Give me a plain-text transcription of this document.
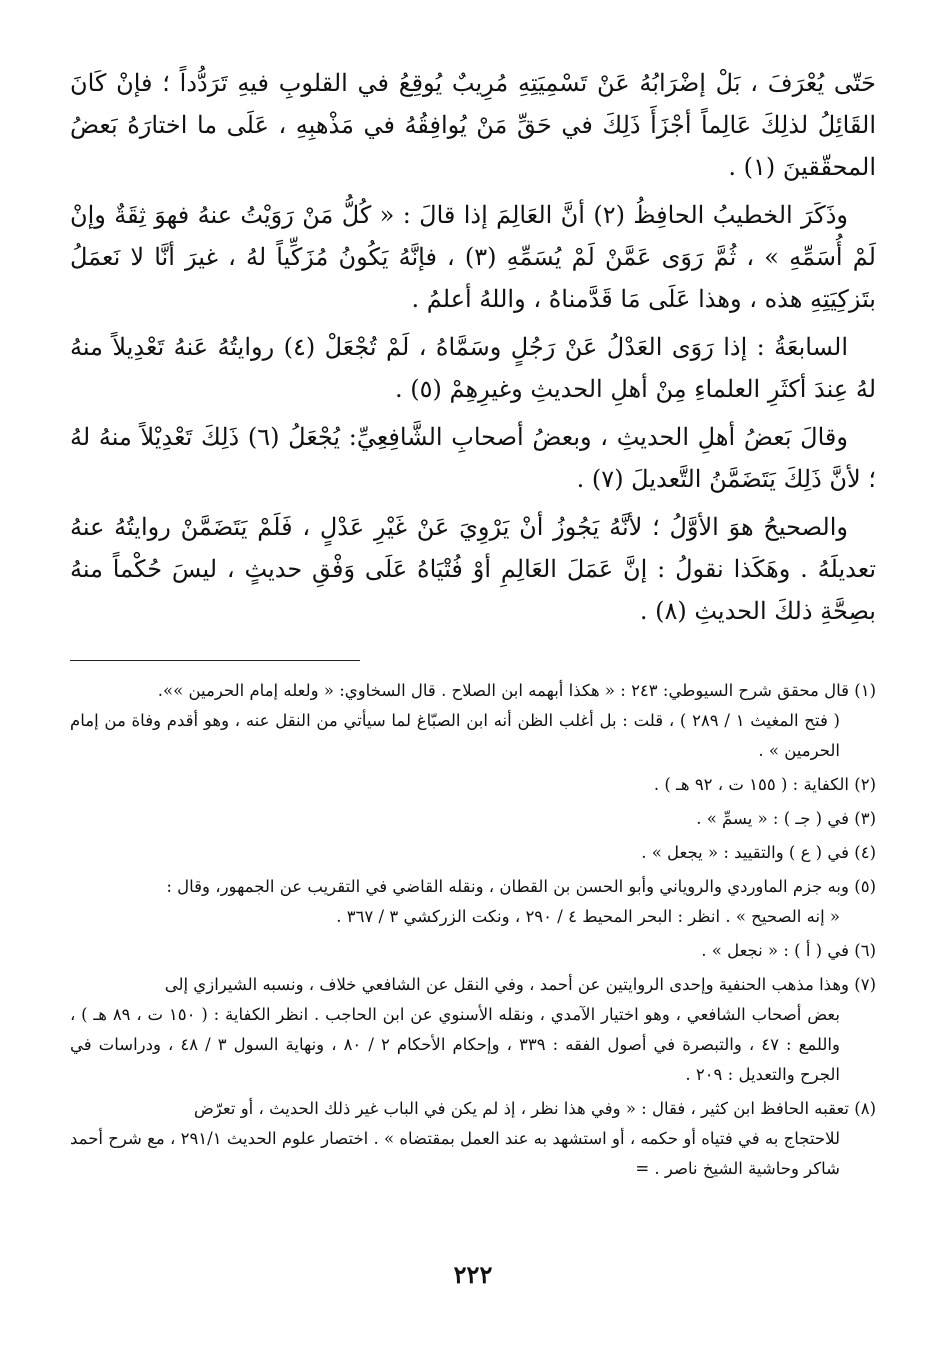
حَتّى يُعْرَفَ ، بَلْ إضْرَابُهُ عَنْ تَسْمِيَتِهِ مُرِيبٌ يُوقِعُ في القلوبِ فيهِ تَرَدُّداً ؛ فإنْ كَانَ القَائِلُ لذلِكَ عَالِماً أجْزَأَ ذَلِكَ في حَقِّ مَنْ يُوافِقُهُ في مَذْهبِهِ ، عَلَى ما اختارَهُ بَعضُ المحقّقينَ (١) .

وذَكَرَ الخطيبُ الحافِظُ (٢) أنَّ العَالِمَ إذا قالَ : « كُلُّ مَنْ رَوَيْتُ عنهُ فهوَ ثِقَةٌ وإنْ لَمْ أُسَمِّهِ » ، ثُمَّ رَوَى عَمَّنْ لَمْ يُسَمِّهِ (٣) ، فإنَّهُ يَكُونُ مُزَكِّياً لهُ ، غيرَ أنَّا لا نَعمَلُ بتَزكِيَتِهِ هذه ، وهذا عَلَى مَا قَدَّمناهُ ، واللهُ أعلمُ .

السابعَةُ : إذا رَوَى العَدْلُ عَنْ رَجُلٍ وسَمَّاهُ ، لَمْ تُجْعَلْ (٤) روايتُهُ عَنهُ تَعْدِيلاً منهُ لهُ عِندَ أكثَرِ العلماءِ مِنْ أهلِ الحديثِ وغيرِهِمْ (٥) .

وقالَ بَعضُ أهلِ الحديثِ ، وبعضُ أصحابِ الشَّافِعِيِّ: يُجْعَلُ (٦) ذَلِكَ تَعْدِيْلاً منهُ لهُ ؛ لأنَّ ذَلِكَ يَتَضَمَّنُ التَّعديلَ (٧) .

والصحيحُ هوَ الأوَّلُ ؛ لأنَّهُ يَجُوزُ أنْ يَرْوِيَ عَنْ غَيْرِ عَدْلٍ ، فَلَمْ يَتَضَمَّنْ روايتُهُ عنهُ تعديلَهُ . وهَكَذا نقولُ : إنَّ عَمَلَ العَالِمِ أوْ فُتْيَاهُ عَلَى وَفْقِ حديثٍ ، ليسَ حُكْماً منهُ بصِحَّةِ ذلكَ الحديثِ (٨) .

(١) قال محقق شرح السيوطي: ٢٤٣ : « هكذا أبهمه ابن الصلاح . قال السخاوي: « ولعله إمام الحرمين »».
( فتح المغيث ١ / ٢٨٩ ) ، قلت : بل أغلب الظن أنه ابن الصبّاغ لما سيأتي من النقل عنه ، وهو أقدم وفاة من إمام الحرمين » .
(٢) الكفاية : ( ١٥٥ ت ، ٩٢ هـ ) .
(٣) في ( جـ ) : « يسمِّ » .
(٤) في ( ع ) والتقييد : « يجعل » .
(٥) وبه جزم الماوردي والروياني وأبو الحسن بن القطان ، ونقله القاضي في التقريب عن الجمهور، وقال :
« إنه الصحيح » . انظر : البحر المحيط ٤ / ٢٩٠ ، ونكت الزركشي ٣ / ٣٦٧ .
(٦) في ( أ ) : « نجعل » .
(٧) وهذا مذهب الحنفية وإحدى الروايتين عن أحمد ، وفي النقل عن الشافعي خلاف ، ونسبه الشيرازي إلى
بعض أصحاب الشافعي ، وهو اختيار الآمدي ، ونقله الأسنوي عن ابن الحاجب . انظر الكفاية : ( ١٥٠ ت ، ٨٩ هـ ) ، واللمع : ٤٧ ، والتبصرة في أصول الفقه : ٣٣٩ ، وإحكام الأحكام ٢ / ٨٠ ، ونهاية السول ٣ / ٤٨ ، ودراسات في الجرح والتعديل : ٢٠٩ .
(٨) تعقبه الحافظ ابن كثير ، فقال : « وفي هذا نظر ، إذ لم يكن في الباب غير ذلك الحديث ، أو تعرّض
للاحتجاج به في فتياه أو حكمه ، أو استشهد به عند العمل بمقتضاه » . اختصار علوم الحديث ٢٩١/١ ، مع شرح أحمد شاكر وحاشية الشيخ ناصر . =
٢٢٢
